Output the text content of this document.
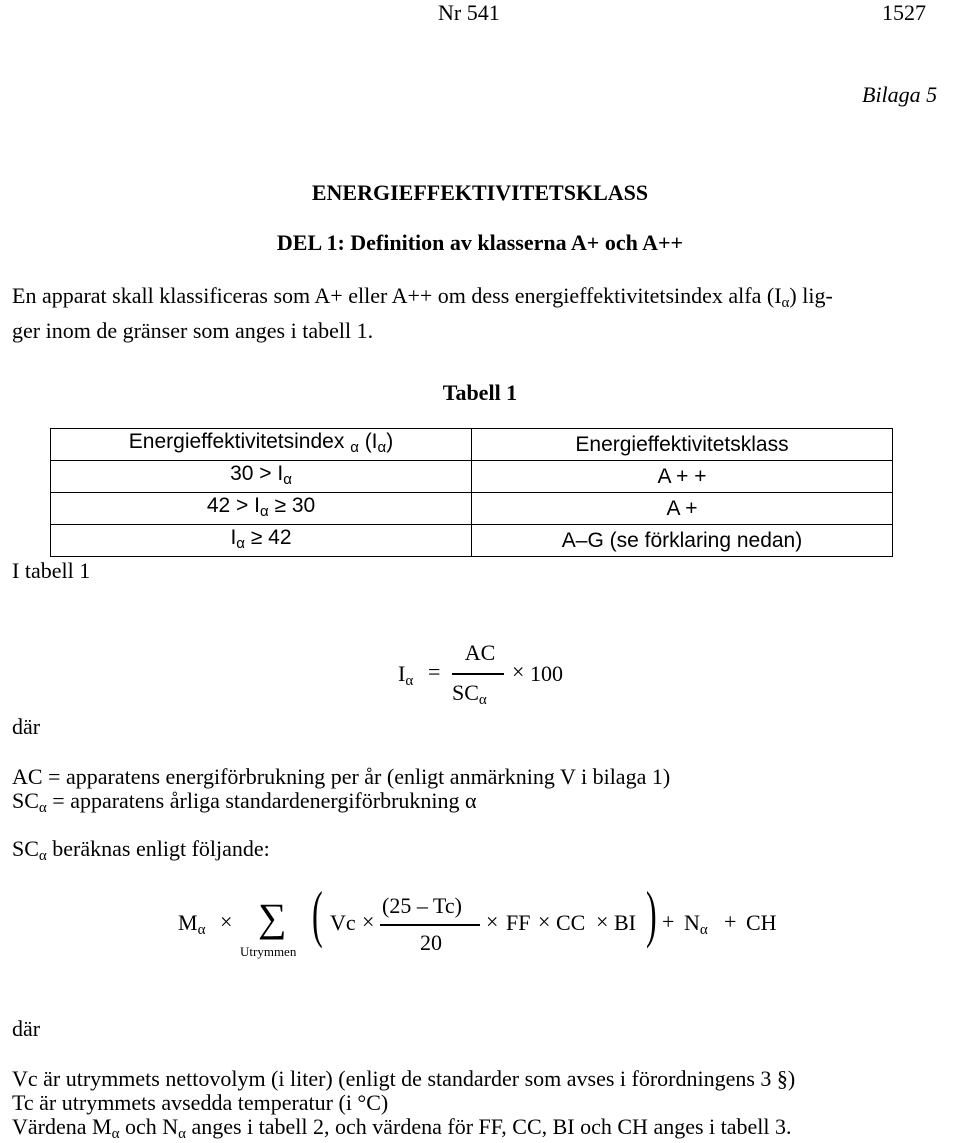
Nr 541	1527
Bilaga 5
ENERGIEFFEKTIVITETSKLASS
DEL 1: Definition av klasserna A+ och A++
En apparat skall klassificeras som A+ eller A++ om dess energieffektivitetsindex alfa $(I_\alpha)$ lig-
ger inom de gränser som anges i tabell 1.
Tabell 1
Energieffektivitetsindex $_\alpha$ $(I_\alpha)$	Energieffektivitetsklass
$30 > I_\alpha$	A + +
$42 > I_\alpha \ge 30$	A +
$I_\alpha \ge 42$	A–G (se förklaring nedan)
I tabell 1
där
$I_\alpha$ =
AC
$SC_\alpha$
× 100
AC = apparatens energiförbrukning per år (enligt anmärkning V i bilaga 1)
$SC_\alpha$ = apparatens årliga standardenergiförbrukning α
$SC_\alpha$ beräknas enligt följande:
$M_\alpha$ × ∑
Utrymmen
( Vc ×
(25 – Tc)
20
× FF × CC × BI ) + $N_\alpha$ + CH
där
Vc är utrymmets nettovolym (i liter) (enligt de standarder som avses i förordningens 3 §)
Tc är utrymmets avsedda temperatur (i °C)
Värdena $M_\alpha$ och $N_\alpha$ anges i tabell 2, och värdena för FF, CC, BI och CH anges i tabell 3.
